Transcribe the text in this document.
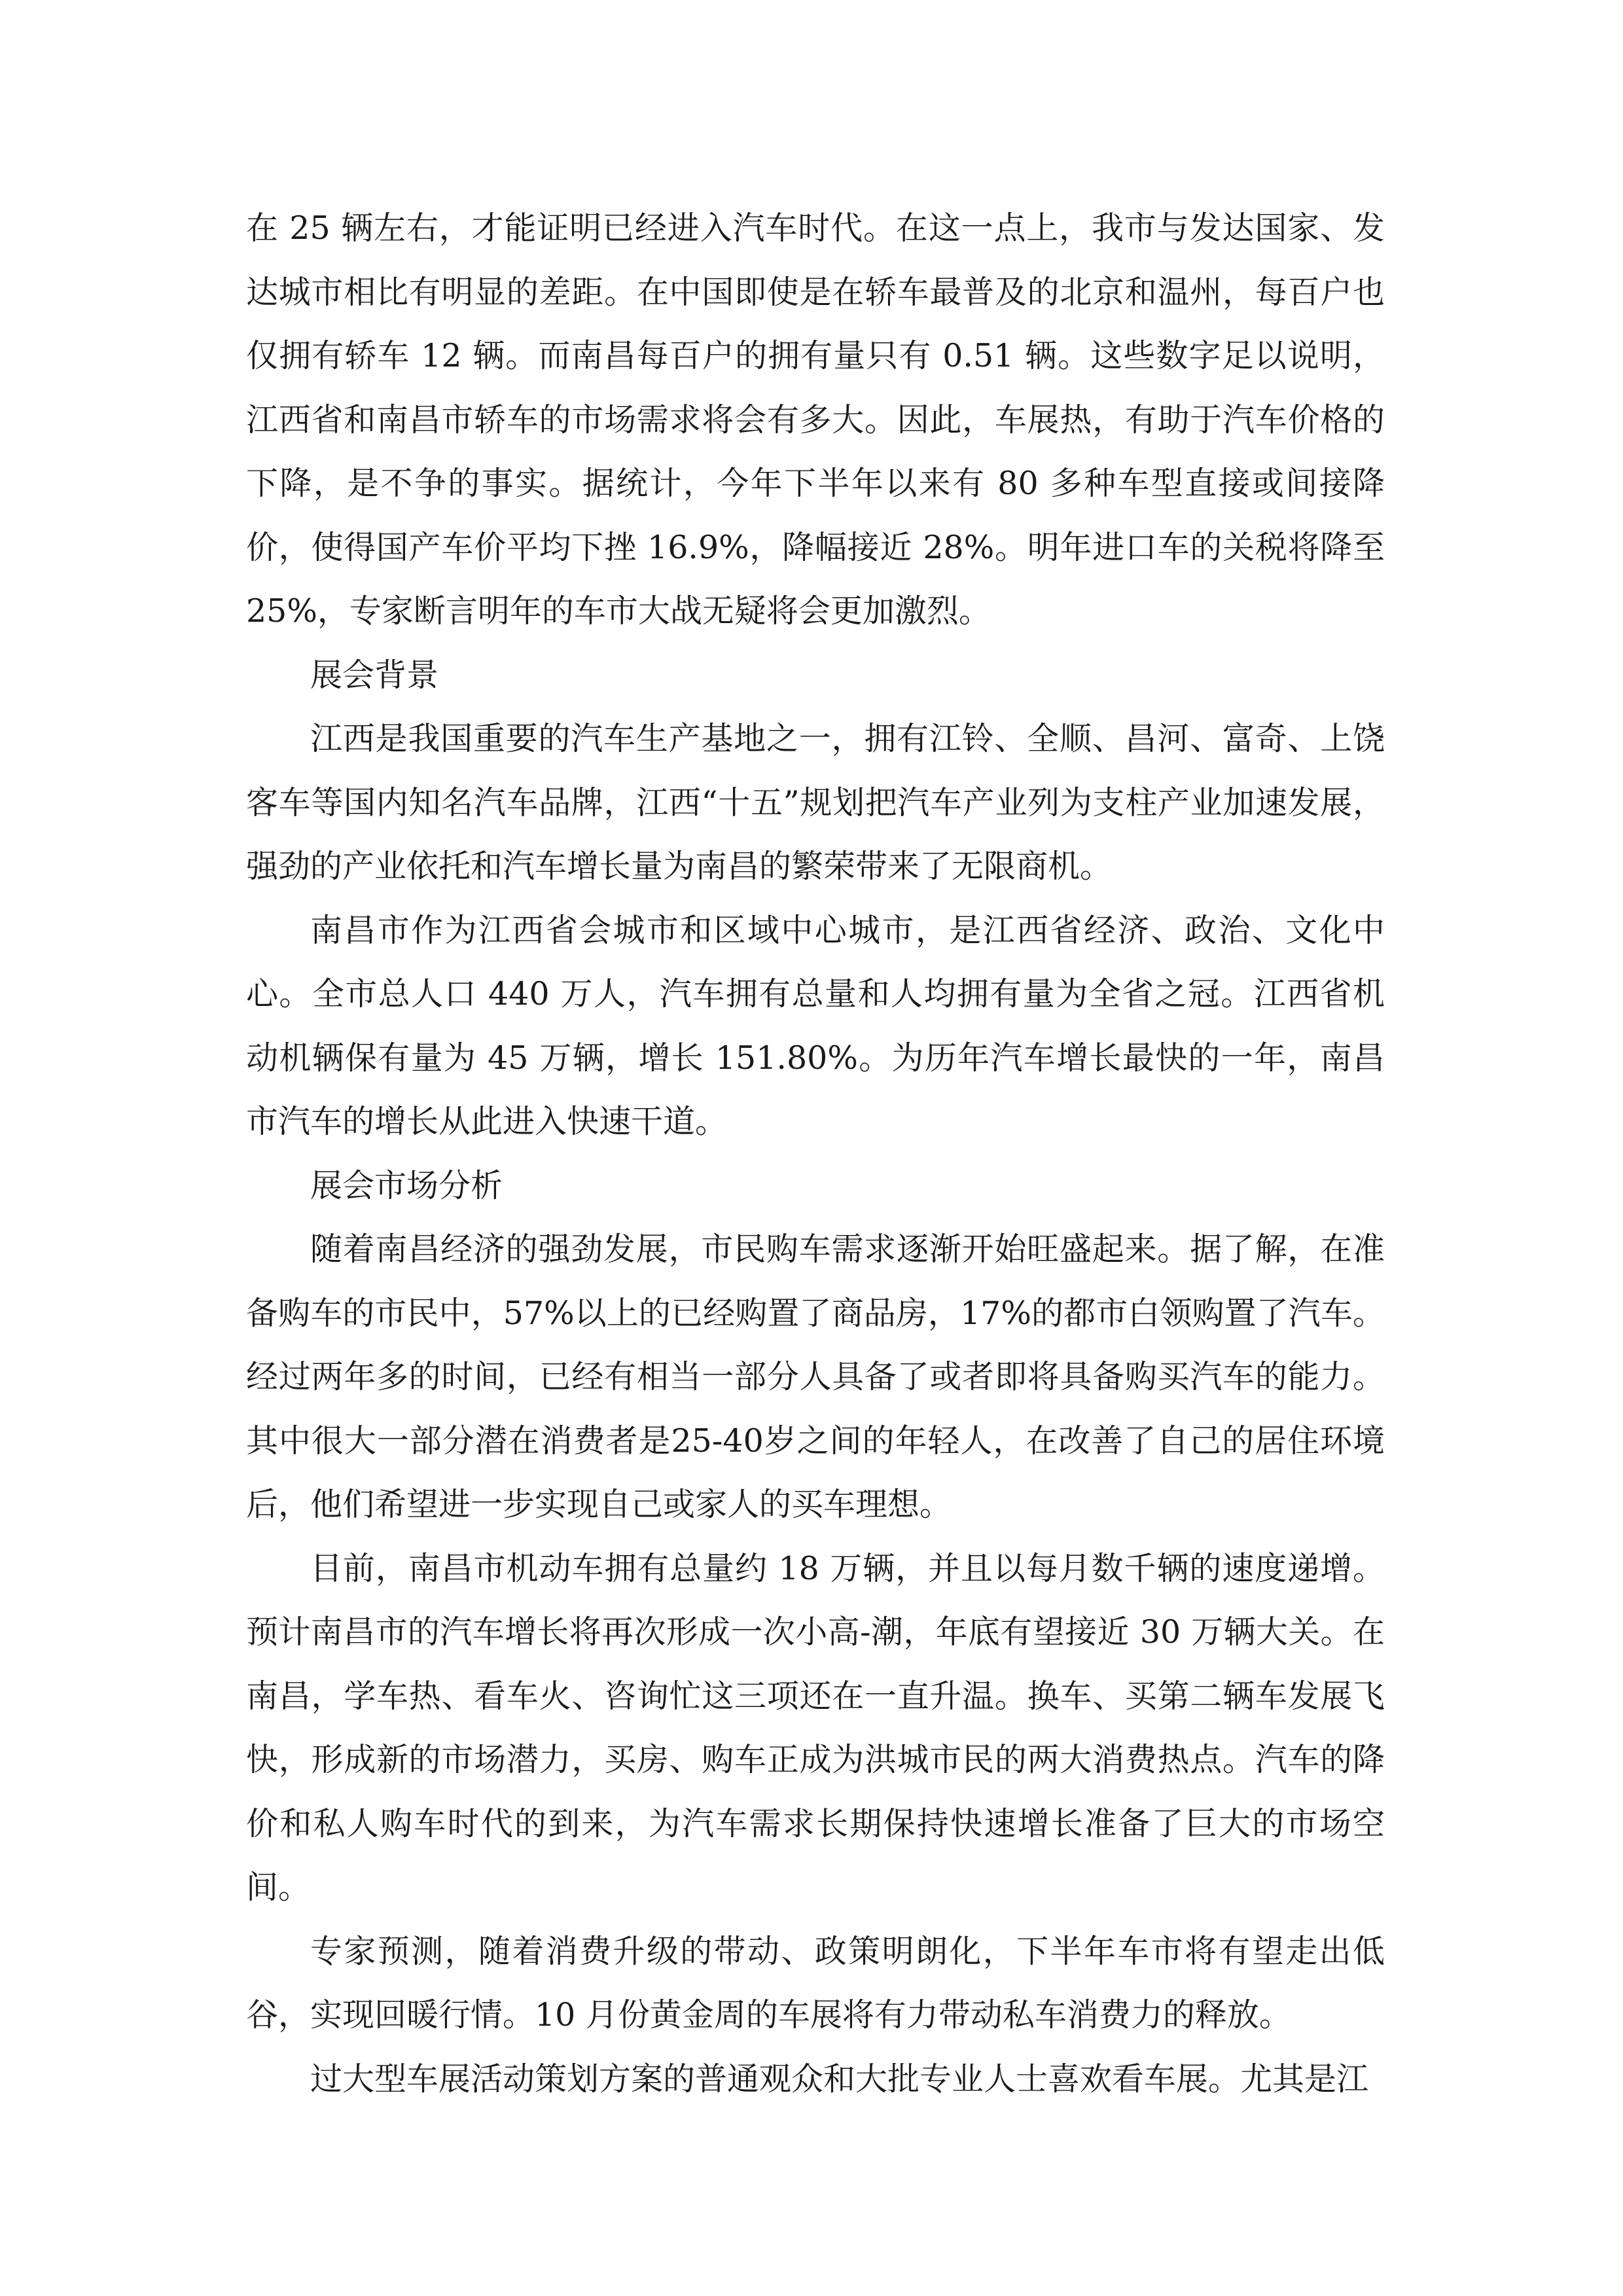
在 25 辆左右，才能证明已经进入汽车时代。在这一点上，我市与发达国家、发达城市相比有明显的差距。在中国即使是在轿车最普及的北京和温州，每百户也仅拥有轿车 12 辆。而南昌每百户的拥有量只有 0.51 辆。这些数字足以说明，江西省和南昌市轿车的市场需求将会有多大。因此，车展热，有助于汽车价格的下降，是不争的事实。据统计，今年下半年以来有 80 多种车型直接或间接降价，使得国产车价平均下挫 16.9%，降幅接近 28%。明年进口车的关税将降至 25%，专家断言明年的车市大战无疑将会更加激烈。

展会背景

江西是我国重要的汽车生产基地之一，拥有江铃、全顺、昌河、富奇、上饶客车等国内知名汽车品牌，江西“十五”规划把汽车产业列为支柱产业加速发展，强劲的产业依托和汽车增长量为南昌的繁荣带来了无限商机。

南昌市作为江西省会城市和区域中心城市，是江西省经济、政治、文化中心。全市总人口 440 万人，汽车拥有总量和人均拥有量为全省之冠。江西省机动机辆保有量为 45 万辆，增长 151.80%。为历年汽车增长最快的一年，南昌市汽车的增长从此进入快速干道。

展会市场分析

随着南昌经济的强劲发展，市民购车需求逐渐开始旺盛起来。据了解，在准备购车的市民中，57%以上的已经购置了商品房，17%的都市白领购置了汽车。经过两年多的时间，已经有相当一部分人具备了或者即将具备购买汽车的能力。其中很大一部分潜在消费者是25-40岁之间的年轻人，在改善了自己的居住环境后，他们希望进一步实现自己或家人的买车理想。

目前，南昌市机动车拥有总量约 18 万辆，并且以每月数千辆的速度递增。预计南昌市的汽车增长将再次形成一次小高-潮，年底有望接近 30 万辆大关。在南昌，学车热、看车火、咨询忙这三项还在一直升温。换车、买第二辆车发展飞快，形成新的市场潜力，买房、购车正成为洪城市民的两大消费热点。汽车的降价和私人购车时代的到来，为汽车需求长期保持快速增长准备了巨大的市场空间。

专家预测，随着消费升级的带动、政策明朗化，下半年车市将有望走出低谷，实现回暖行情。10 月份黄金周的车展将有力带动私车消费力的释放。

过大型车展活动策划方案的普通观众和大批专业人士喜欢看车展。尤其是江
